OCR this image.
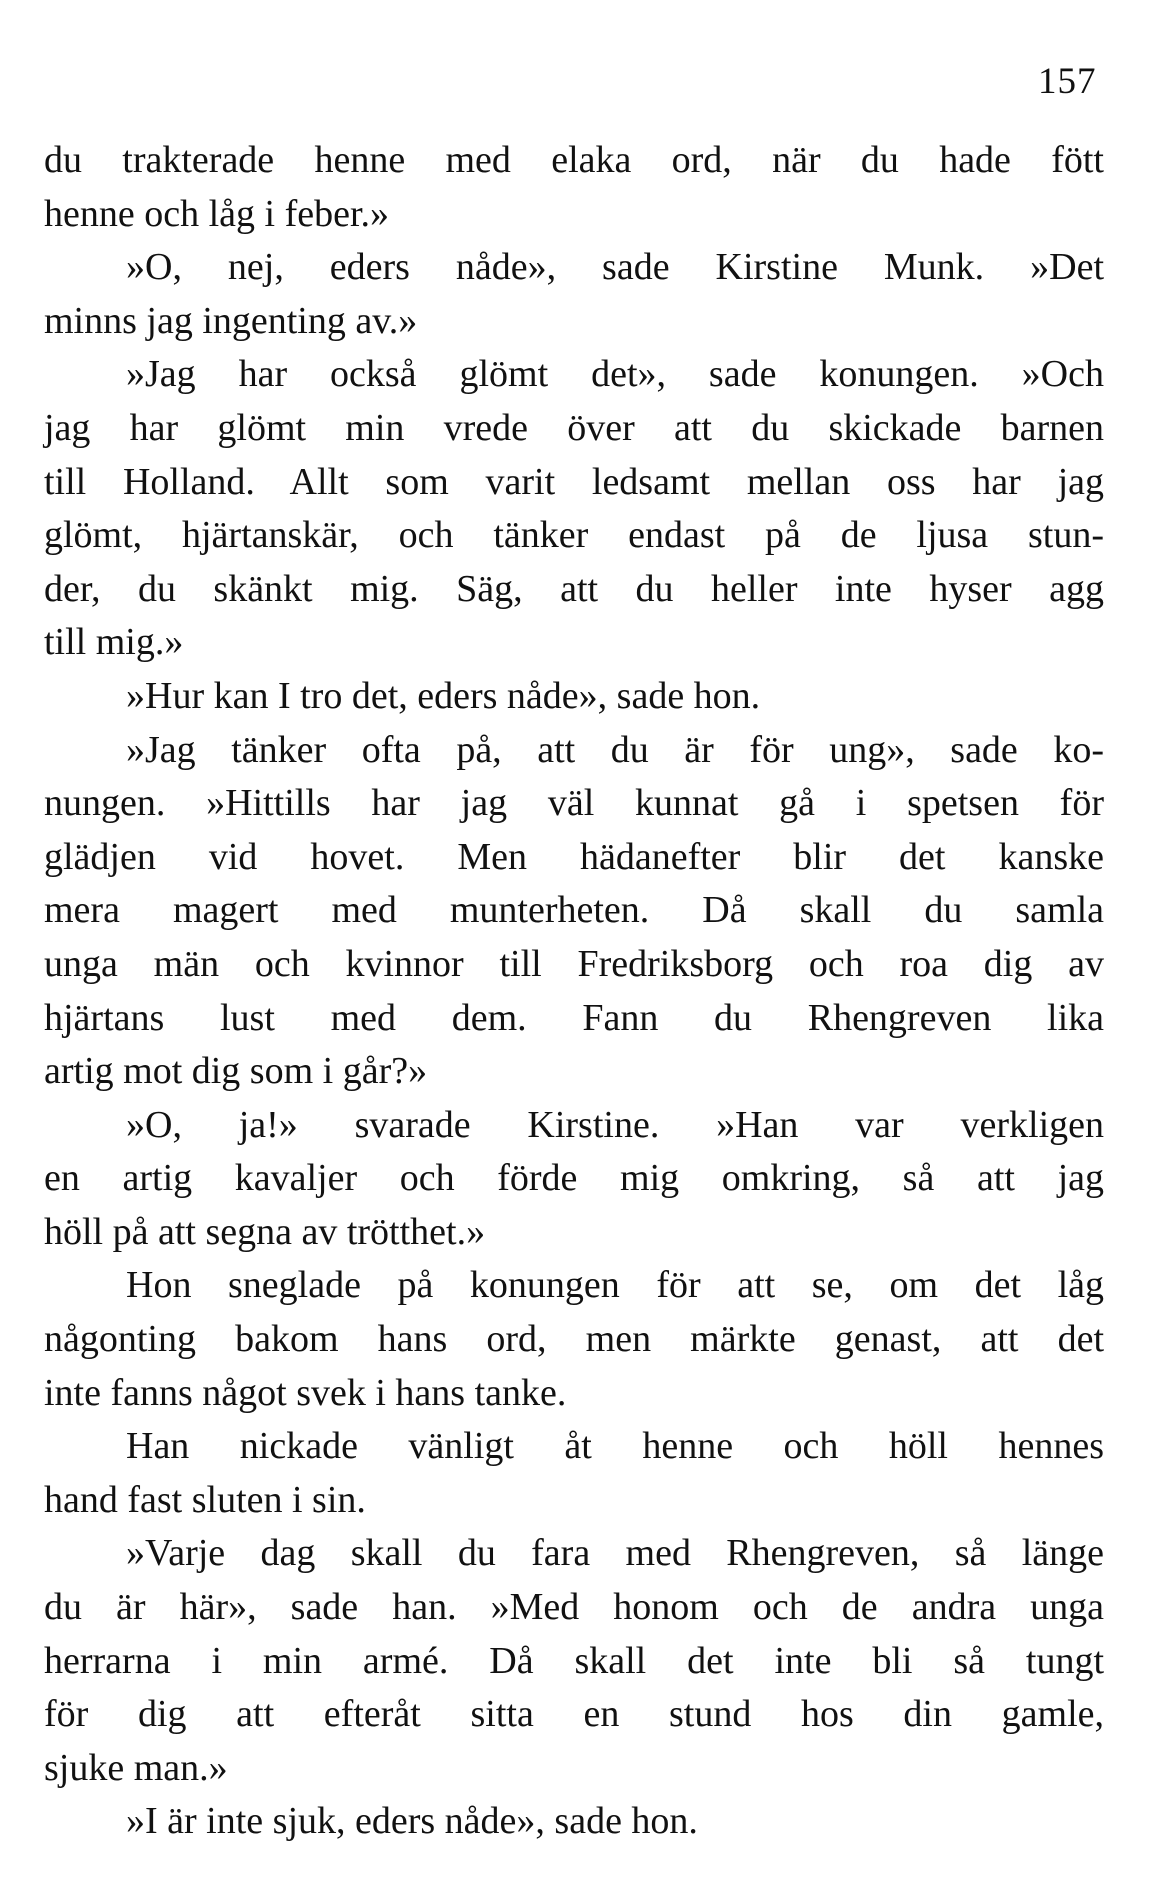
157
du trakterade henne med elaka ord, när du hade fött
henne och låg i feber.»
»O, nej, eders nåde», sade Kirstine Munk. »Det
minns jag ingenting av.»
»Jag har också glömt det», sade konungen. »Och
jag har glömt min vrede över att du skickade barnen
till Holland. Allt som varit ledsamt mellan oss har jag
glömt, hjärtanskär, och tänker endast på de ljusa stun-
der, du skänkt mig. Säg, att du heller inte hyser agg
till mig.»
»Hur kan I tro det, eders nåde», sade hon.
»Jag tänker ofta på, att du är för ung», sade ko-
nungen. »Hittills har jag väl kunnat gå i spetsen för
glädjen vid hovet. Men hädanefter blir det kanske
mera magert med munterheten. Då skall du samla
unga män och kvinnor till Fredriksborg och roa dig av
hjärtans lust med dem. Fann du Rhengreven lika
artig mot dig som i går?»
»O, ja!» svarade Kirstine. »Han var verkligen
en artig kavaljer och förde mig omkring, så att jag
höll på att segna av trötthet.»
Hon sneglade på konungen för att se, om det låg
någonting bakom hans ord, men märkte genast, att det
inte fanns något svek i hans tanke.
Han nickade vänligt åt henne och höll hennes
hand fast sluten i sin.
»Varje dag skall du fara med Rhengreven, så länge
du är här», sade han. »Med honom och de andra unga
herrarna i min armé. Då skall det inte bli så tungt
för dig att efteråt sitta en stund hos din gamle,
sjuke man.»
»I är inte sjuk, eders nåde», sade hon.
